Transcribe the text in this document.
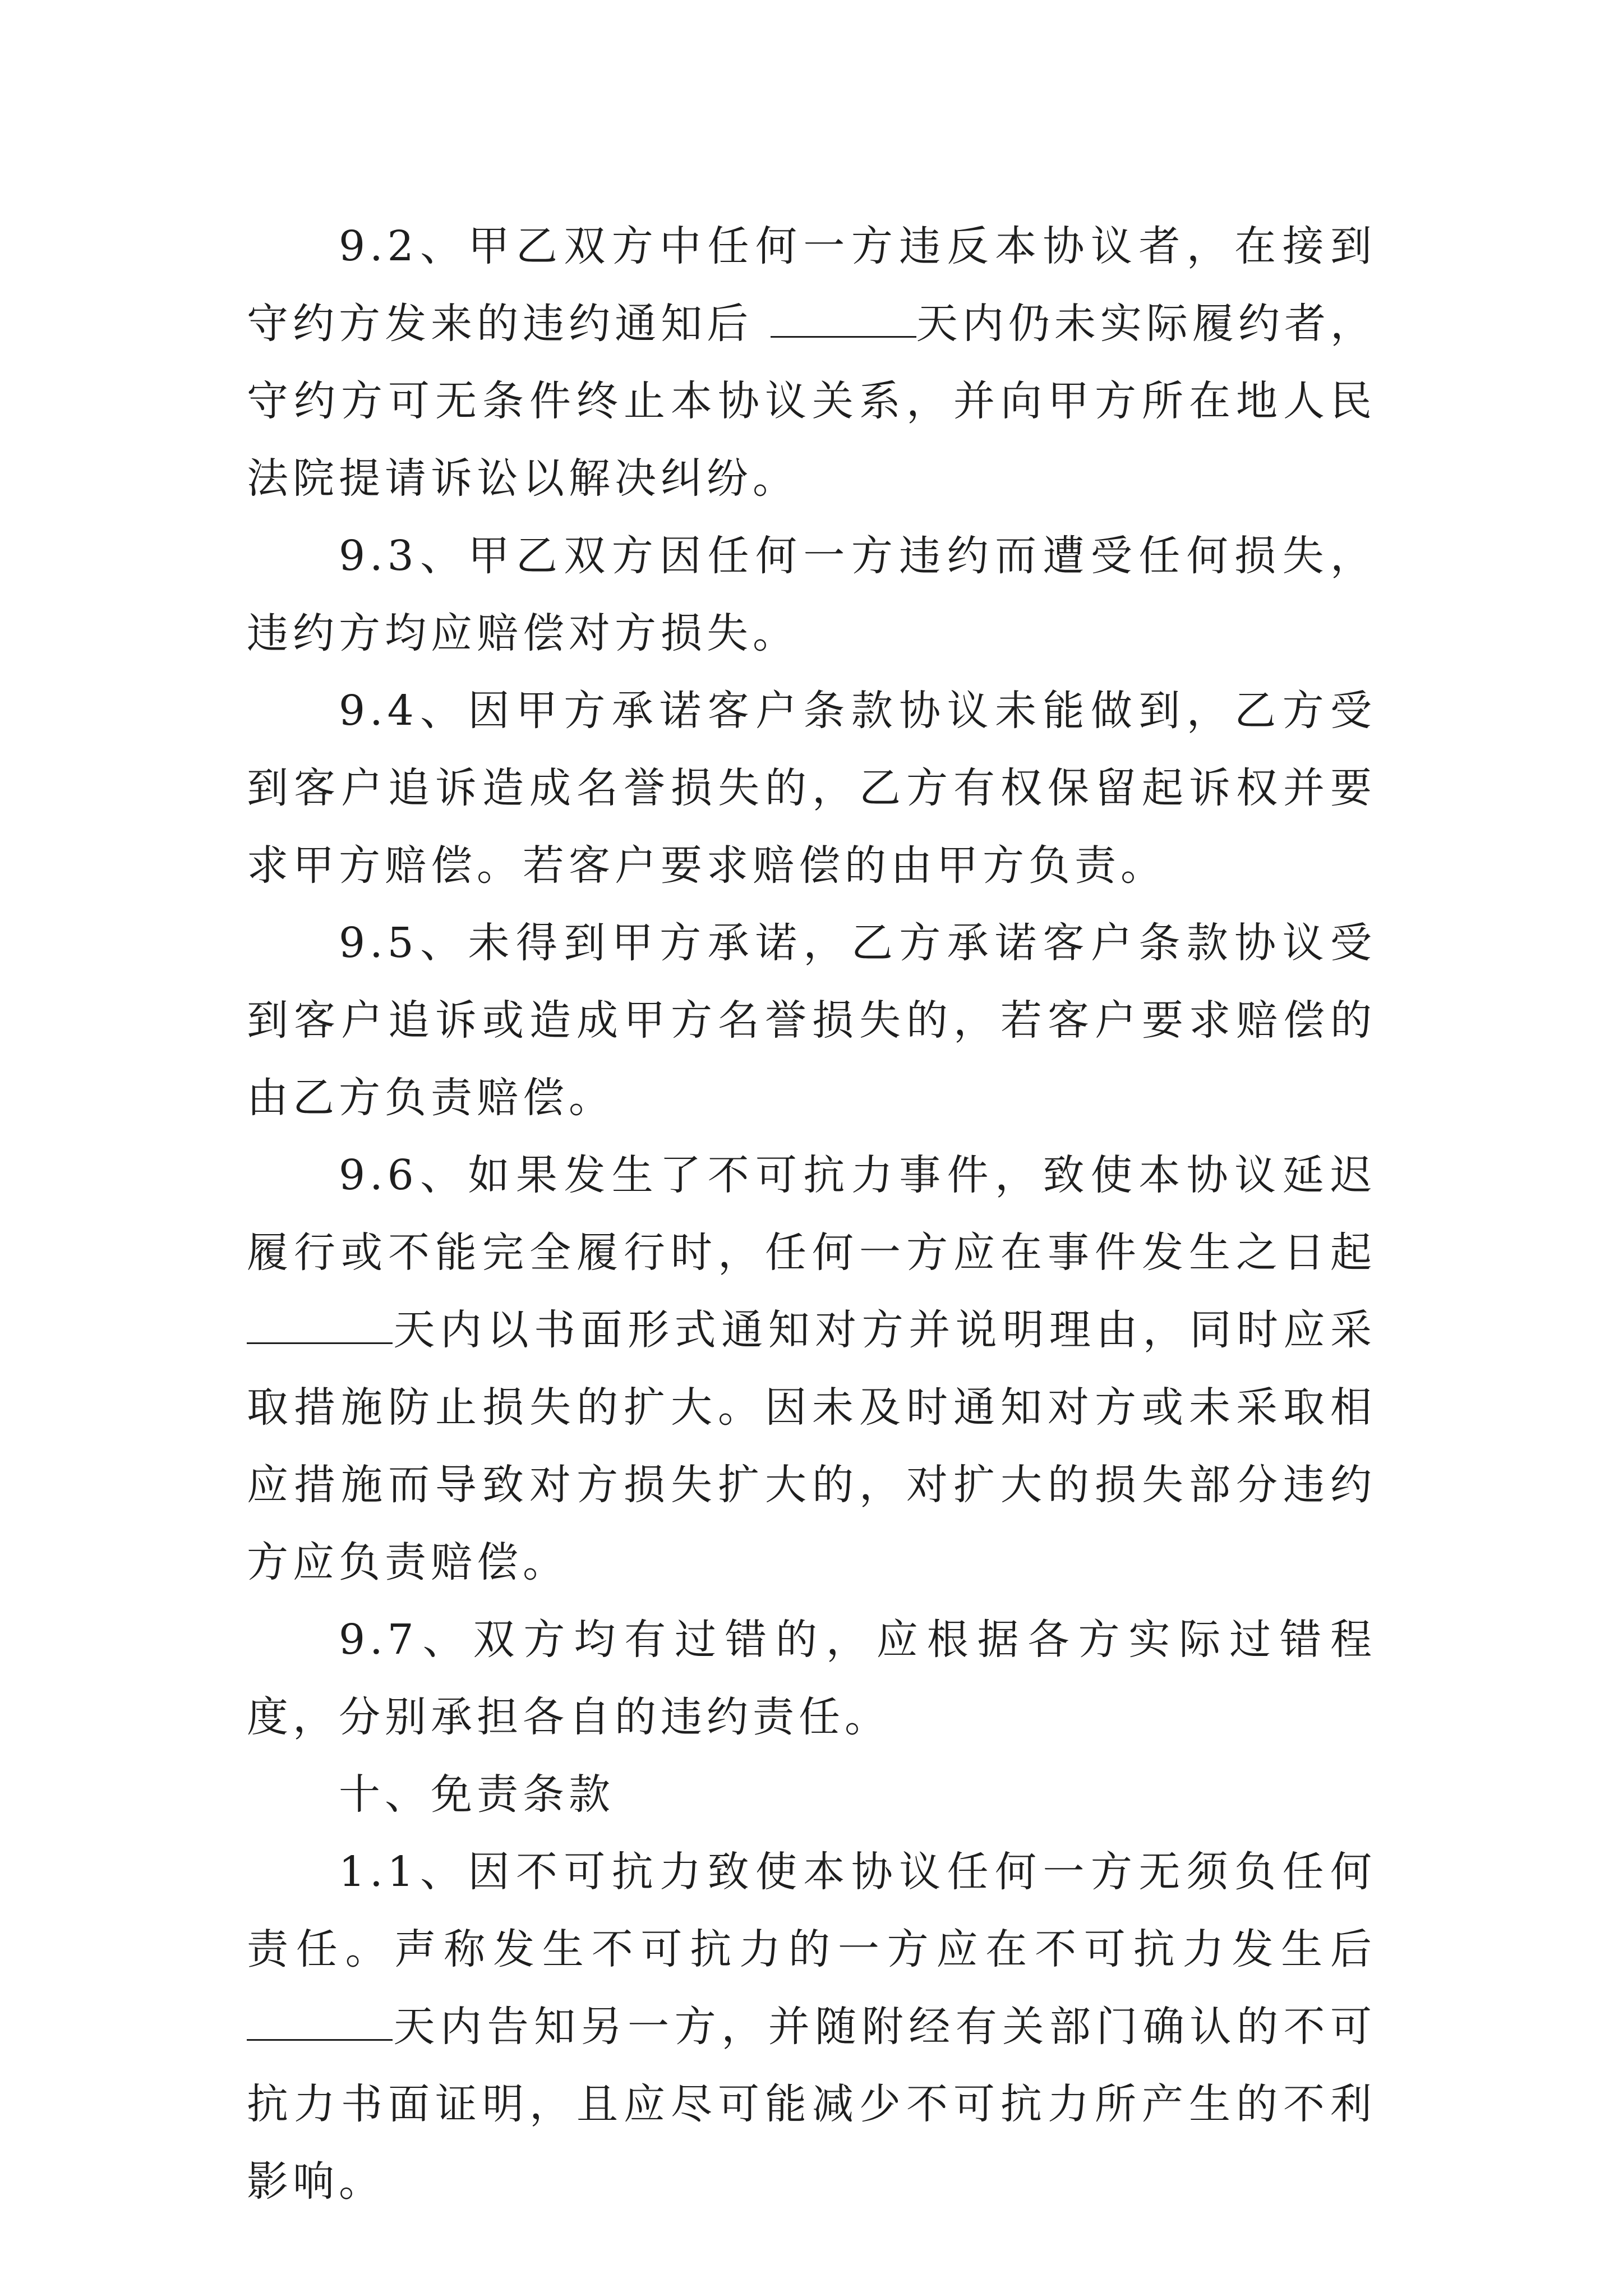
9.2、甲乙双方中任何一方违反本协议者，在接到守约方发来的违约通知后	天内仍未实际履约者，守约方可无条件终止本协议关系，并向甲方所在地人民法院提请诉讼以解决纠纷。

9.3、甲乙双方因任何一方违约而遭受任何损失，违约方均应赔偿对方损失。

9.4、因甲方承诺客户条款协议未能做到，乙方受到客户追诉造成名誉损失的，乙方有权保留起诉权并要求甲方赔偿。若客户要求赔偿的由甲方负责。

9.5、未得到甲方承诺，乙方承诺客户条款协议受到客户追诉或造成甲方名誉损失的，若客户要求赔偿的由乙方负责赔偿。

9.6、如果发生了不可抗力事件，致使本协议延迟履行或不能完全履行时，任何一方应在事件发生之日起 天内以书面形式通知对方并说明理由，同时应采取措施防止损失的扩大。因未及时通知对方或未采取相应措施而导致对方损失扩大的，对扩大的损失部分违约方应负责赔偿。

9.7、双方均有过错的，应根据各方实际过错程度，分别承担各自的违约责任。

十、免责条款

1.1、因不可抗力致使本协议任何一方无须负任何责任。声称发生不可抗力的一方应在不可抗力发生后 天内告知另一方，并随附经有关部门确认的不可抗力书面证明，且应尽可能减少不可抗力所产生的不利影响。
